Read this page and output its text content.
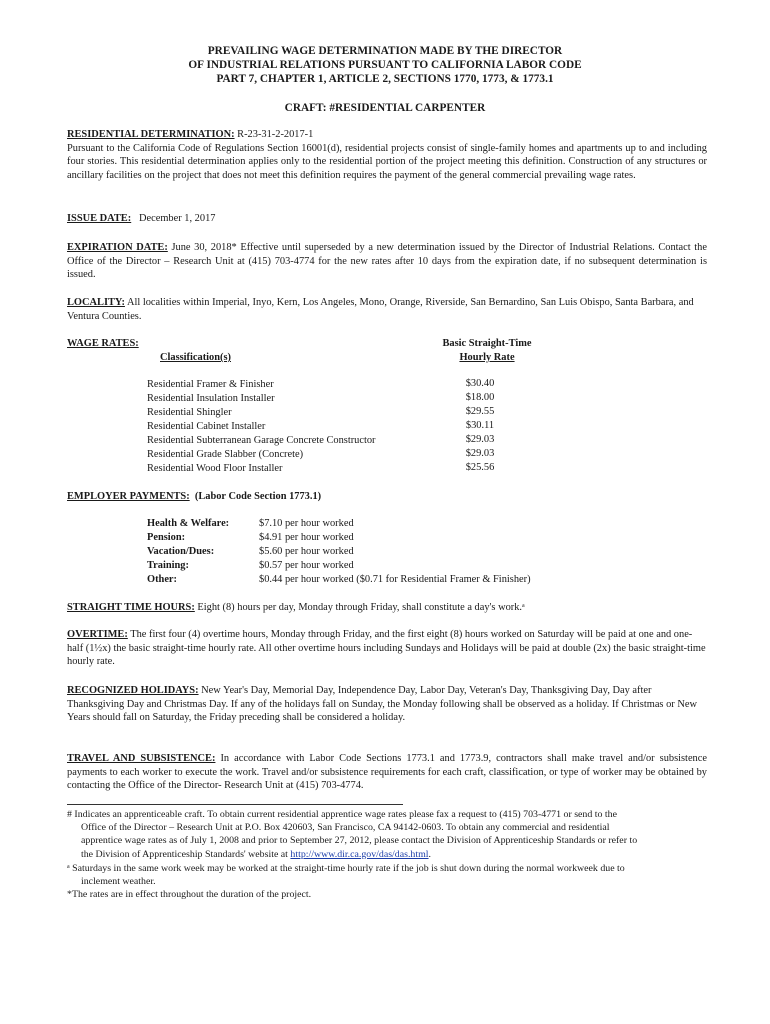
PREVAILING WAGE DETERMINATION MADE BY THE DIRECTOR
OF INDUSTRIAL RELATIONS PURSUANT TO CALIFORNIA LABOR CODE
PART 7, CHAPTER 1, ARTICLE 2, SECTIONS 1770, 1773, & 1773.1
CRAFT: #RESIDENTIAL CARPENTER
RESIDENTIAL DETERMINATION: R-23-31-2-2017-1
Pursuant to the California Code of Regulations Section 16001(d), residential projects consist of single-family homes and apartments up to and including four stories. This residential determination applies only to the residential portion of the project meeting this definition. Construction of any structures or ancillary facilities on the project that does not meet this definition requires the payment of the general commercial prevailing wage rates.
ISSUE DATE: December 1, 2017
EXPIRATION DATE: June 30, 2018* Effective until superseded by a new determination issued by the Director of Industrial Relations. Contact the Office of the Director – Research Unit at (415) 703-4774 for the new rates after 10 days from the expiration date, if no subsequent determination is issued.
LOCALITY: All localities within Imperial, Inyo, Kern, Los Angeles, Mono, Orange, Riverside, San Bernardino, San Luis Obispo, Santa Barbara, and Ventura Counties.
WAGE RATES:	Basic Straight-Time
Classification(s)	Hourly Rate
Residential Framer & Finisher	$30.40
Residential Insulation Installer	$18.00
Residential Shingler	$29.55
Residential Cabinet Installer	$30.11
Residential Subterranean Garage Concrete Constructor	$29.03
Residential Grade Slabber (Concrete)	$29.03
Residential Wood Floor Installer	$25.56
EMPLOYER PAYMENTS: (Labor Code Section 1773.1)
Health & Welfare:	$7.10 per hour worked
Pension:	$4.91 per hour worked
Vacation/Dues:	$5.60 per hour worked
Training:	$0.57 per hour worked
Other:	$0.44 per hour worked ($0.71 for Residential Framer & Finisher)
STRAIGHT TIME HOURS: Eight (8) hours per day, Monday through Friday, shall constitute a day's work.$^a$
OVERTIME: The first four (4) overtime hours, Monday through Friday, and the first eight (8) hours worked on Saturday will be paid at one and one-half (1½x) the basic straight-time hourly rate. All other overtime hours including Sundays and Holidays will be paid at double (2x) the basic straight-time hourly rate.
RECOGNIZED HOLIDAYS: New Year's Day, Memorial Day, Independence Day, Labor Day, Veteran's Day, Thanksgiving Day, Day after Thanksgiving Day and Christmas Day. If any of the holidays fall on Sunday, the Monday following shall be observed as a holiday. If Christmas or New Years should fall on Saturday, the Friday preceding shall be considered a holiday.
TRAVEL AND SUBSISTENCE: In accordance with Labor Code Sections 1773.1 and 1773.9, contractors shall make travel and/or subsistence payments to each worker to execute the work. Travel and/or subsistence requirements for each craft, classification, or type of worker may be obtained by contacting the Office of the Director- Research Unit at (415) 703-4774.
# Indicates an apprenticeable craft. To obtain current residential apprentice wage rates please fax a request to (415) 703-4771 or send to the
Office of the Director – Research Unit at P.O. Box 420603, San Francisco, CA 94142-0603. To obtain any commercial and residential
apprentice wage rates as of July 1, 2008 and prior to September 27, 2012, please contact the Division of Apprenticeship Standards or refer to
the Division of Apprenticeship Standards' website at http://www.dir.ca.gov/das/das.html.
$^a$ Saturdays in the same work week may be worked at the straight-time hourly rate if the job is shut down during the normal workweek due to
inclement weather.
*The rates are in effect throughout the duration of the project.
